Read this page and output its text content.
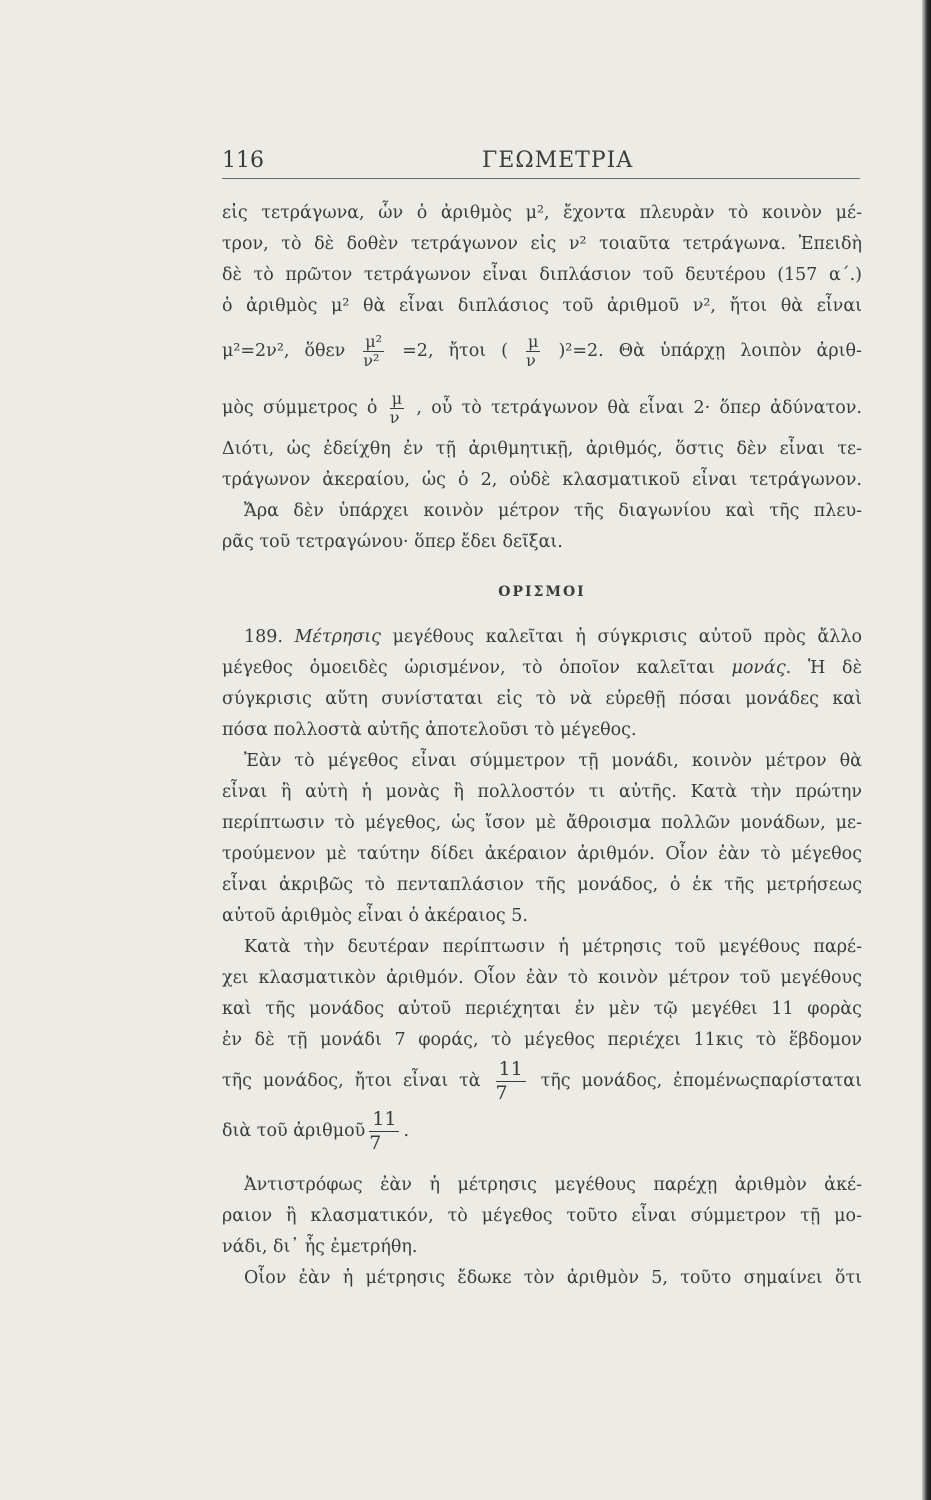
116	ΓΕΩΜΕΤΡΙΑ
εἰς τετράγωνα, ὧν ὁ ἀριθμὸς μ², ἔχοντα πλευρὰν τὸ κοινὸν μέ-
τρον, τὸ δὲ δοθὲν τετράγωνον εἰς ν² τοιαῦτα τετράγωνα. Ἐπειδὴ
δὲ τὸ πρῶτον τετράγωνον εἶναι διπλάσιον τοῦ δευτέρου (157 α΄.)
ὁ ἀριθμὸς μ² θὰ εἶναι διπλάσιος τοῦ ἀριθμοῦ ν², ἤτοι θὰ εἶναι
μ²=2ν², ὅθεν $\frac{\text{μ²}}{\text{ν²}} =2$, ἤτοι ( $\frac{\mu}{\nu} )^2=2$. Θὰ ὑπάρχῃ λοιπὸν ἀριθ-
μὸς σύμμετρος ὁ $\frac{\mu}{\nu}$ , οὗ τὸ τετράγωνον θὰ εἶναι 2· ὅπερ ἀδύνατον.
Διότι, ὡς ἐδείχθη ἐν τῇ ἀριθμητικῇ, ἀριθμός, ὅστις δὲν εἶναι τε-
τράγωνον ἀκεραίου, ὡς ὁ 2, οὐδὲ κλασματικοῦ εἶναι τετράγωνον.
Ἄρα δὲν ὑπάρχει κοινὸν μέτρον τῆς διαγωνίου καὶ τῆς πλευ-
ρᾶς τοῦ τετραγώνου· ὅπερ ἔδει δεῖξαι.
ΟΡΙΣΜΟΙ
189. Μέτρησις μεγέθους καλεῖται ἡ σύγκρισις αὐτοῦ πρὸς ἄλλο
μέγεθος ὁμοειδὲς ὡρισμένον, τὸ ὁποῖον καλεῖται μονάς. Ἡ δὲ
σύγκρισις αὕτη συνίσταται εἰς τὸ νὰ εὑρεθῇ πόσαι μονάδες καὶ
πόσα πολλοστὰ αὐτῆς ἀποτελοῦσι τὸ μέγεθος.
Ἐὰν τὸ μέγεθος εἶναι σύμμετρον τῇ μονάδι, κοινὸν μέτρον θὰ
εἶναι ἢ αὐτὴ ἡ μονὰς ἢ πολλοστόν τι αὐτῆς. Κατὰ τὴν πρώτην
περίπτωσιν τὸ μέγεθος, ὡς ἴσον μὲ ἄθροισμα πολλῶν μονάδων, με-
τρούμενον μὲ ταύτην δίδει ἀκέραιον ἀριθμόν. Οἷον ἐὰν τὸ μέγεθος
εἶναι ἀκριβῶς τὸ πενταπλάσιον τῆς μονάδος, ὁ ἐκ τῆς μετρήσεως
αὐτοῦ ἀριθμὸς εἶναι ὁ ἀκέραιος 5.
Κατὰ τὴν δευτέραν περίπτωσιν ἡ μέτρησις τοῦ μεγέθους παρέ-
χει κλασματικὸν ἀριθμόν. Οἷον ἐὰν τὸ κοινὸν μέτρον τοῦ μεγέθους
καὶ τῆς μονάδος αὐτοῦ περιέχηται ἐν μὲν τῷ μεγέθει 11 φορὰς
ἐν δὲ τῇ μονάδι 7 φοράς, τὸ μέγεθος περιέχει 11κις τὸ ἕβδομον
τῆς μονάδος, ἤτοι εἶναι τὰ $\frac{11}{7}$ τῆς μονάδος, ἐπομένωςπαρίσταται
διὰ τοῦ ἀριθμοῦ $\frac{11}{7}$ .
Ἀντιστρόφως ἐὰν ἡ μέτρησις μεγέθους παρέχῃ ἀριθμὸν ἀκέ-
ραιον ἢ κλασματικόν, τὸ μέγεθος τοῦτο εἶναι σύμμετρον τῇ μο-
νάδι, δι᾿ ἧς ἐμετρήθη.
Οἷον ἐὰν ἡ μέτρησις ἔδωκε τὸν ἀριθμὸν 5, τοῦτο σημαίνει ὅτι
